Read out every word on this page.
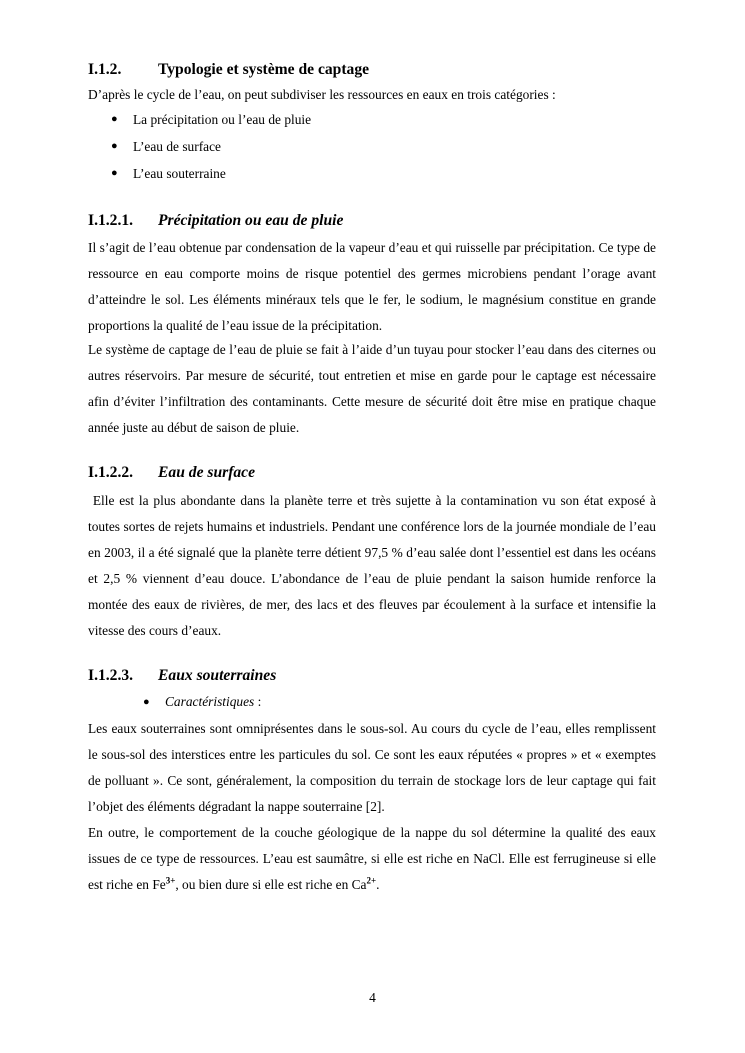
I.1.2. Typologie et système de captage

D’après le cycle de l’eau, on peut subdiviser les ressources en eaux en trois catégories :

● La précipitation ou l’eau de pluie
● L’eau de surface
● L’eau souterraine
I.1.2.1. Précipitation ou eau de pluie

Il s’agit de l’eau obtenue par condensation de la vapeur d’eau et qui ruisselle par précipitation. Ce type de ressource en eau comporte moins de risque potentiel des germes microbiens pendant l’orage avant d’atteindre le sol. Les éléments minéraux tels que le fer, le sodium, le magnésium constitue en grande proportions la qualité de l’eau issue de la précipitation.

Le système de captage de l’eau de pluie se fait à l’aide d’un tuyau pour stocker l’eau dans des citernes ou autres réservoirs. Par mesure de sécurité, tout entretien et mise en garde pour le captage est nécessaire afin d’éviter l’infiltration des contaminants. Cette mesure de sécurité doit être mise en pratique chaque année juste au début de saison de pluie.

I.1.2.2. Eau de surface

Elle est la plus abondante dans la planète terre et très sujette à la contamination vu son état exposé à toutes sortes de rejets humains et industriels. Pendant une conférence lors de la journée mondiale de l’eau en 2003, il a été signalé que la planète terre détient 97,5 % d’eau salée dont l’essentiel est dans les océans et 2,5 % viennent d’eau douce. L’abondance de l’eau de pluie pendant la saison humide renforce la montée des eaux de rivières, de mer, des lacs et des fleuves par écoulement à la surface et intensifie la vitesse des cours d’eaux.

I.1.2.3. Eaux souterraines
● Caractéristiques :

Les eaux souterraines sont omniprésentes dans le sous-sol. Au cours du cycle de l’eau, elles remplissent le sous-sol des interstices entre les particules du sol. Ce sont les eaux réputées « propres » et « exemptes de polluant ». Ce sont, généralement, la composition du terrain de stockage lors de leur captage qui fait l’objet des éléments dégradant la nappe souterraine [2].

En outre, le comportement de la couche géologique de la nappe du sol détermine la qualité des eaux issues de ce type de ressources. L’eau est saumâtre, si elle est riche en NaCl. Elle est ferrugineuse si elle est riche en $Fe^{3+}$, ou bien dure si elle est riche en $Ca^{2+}$.

4
